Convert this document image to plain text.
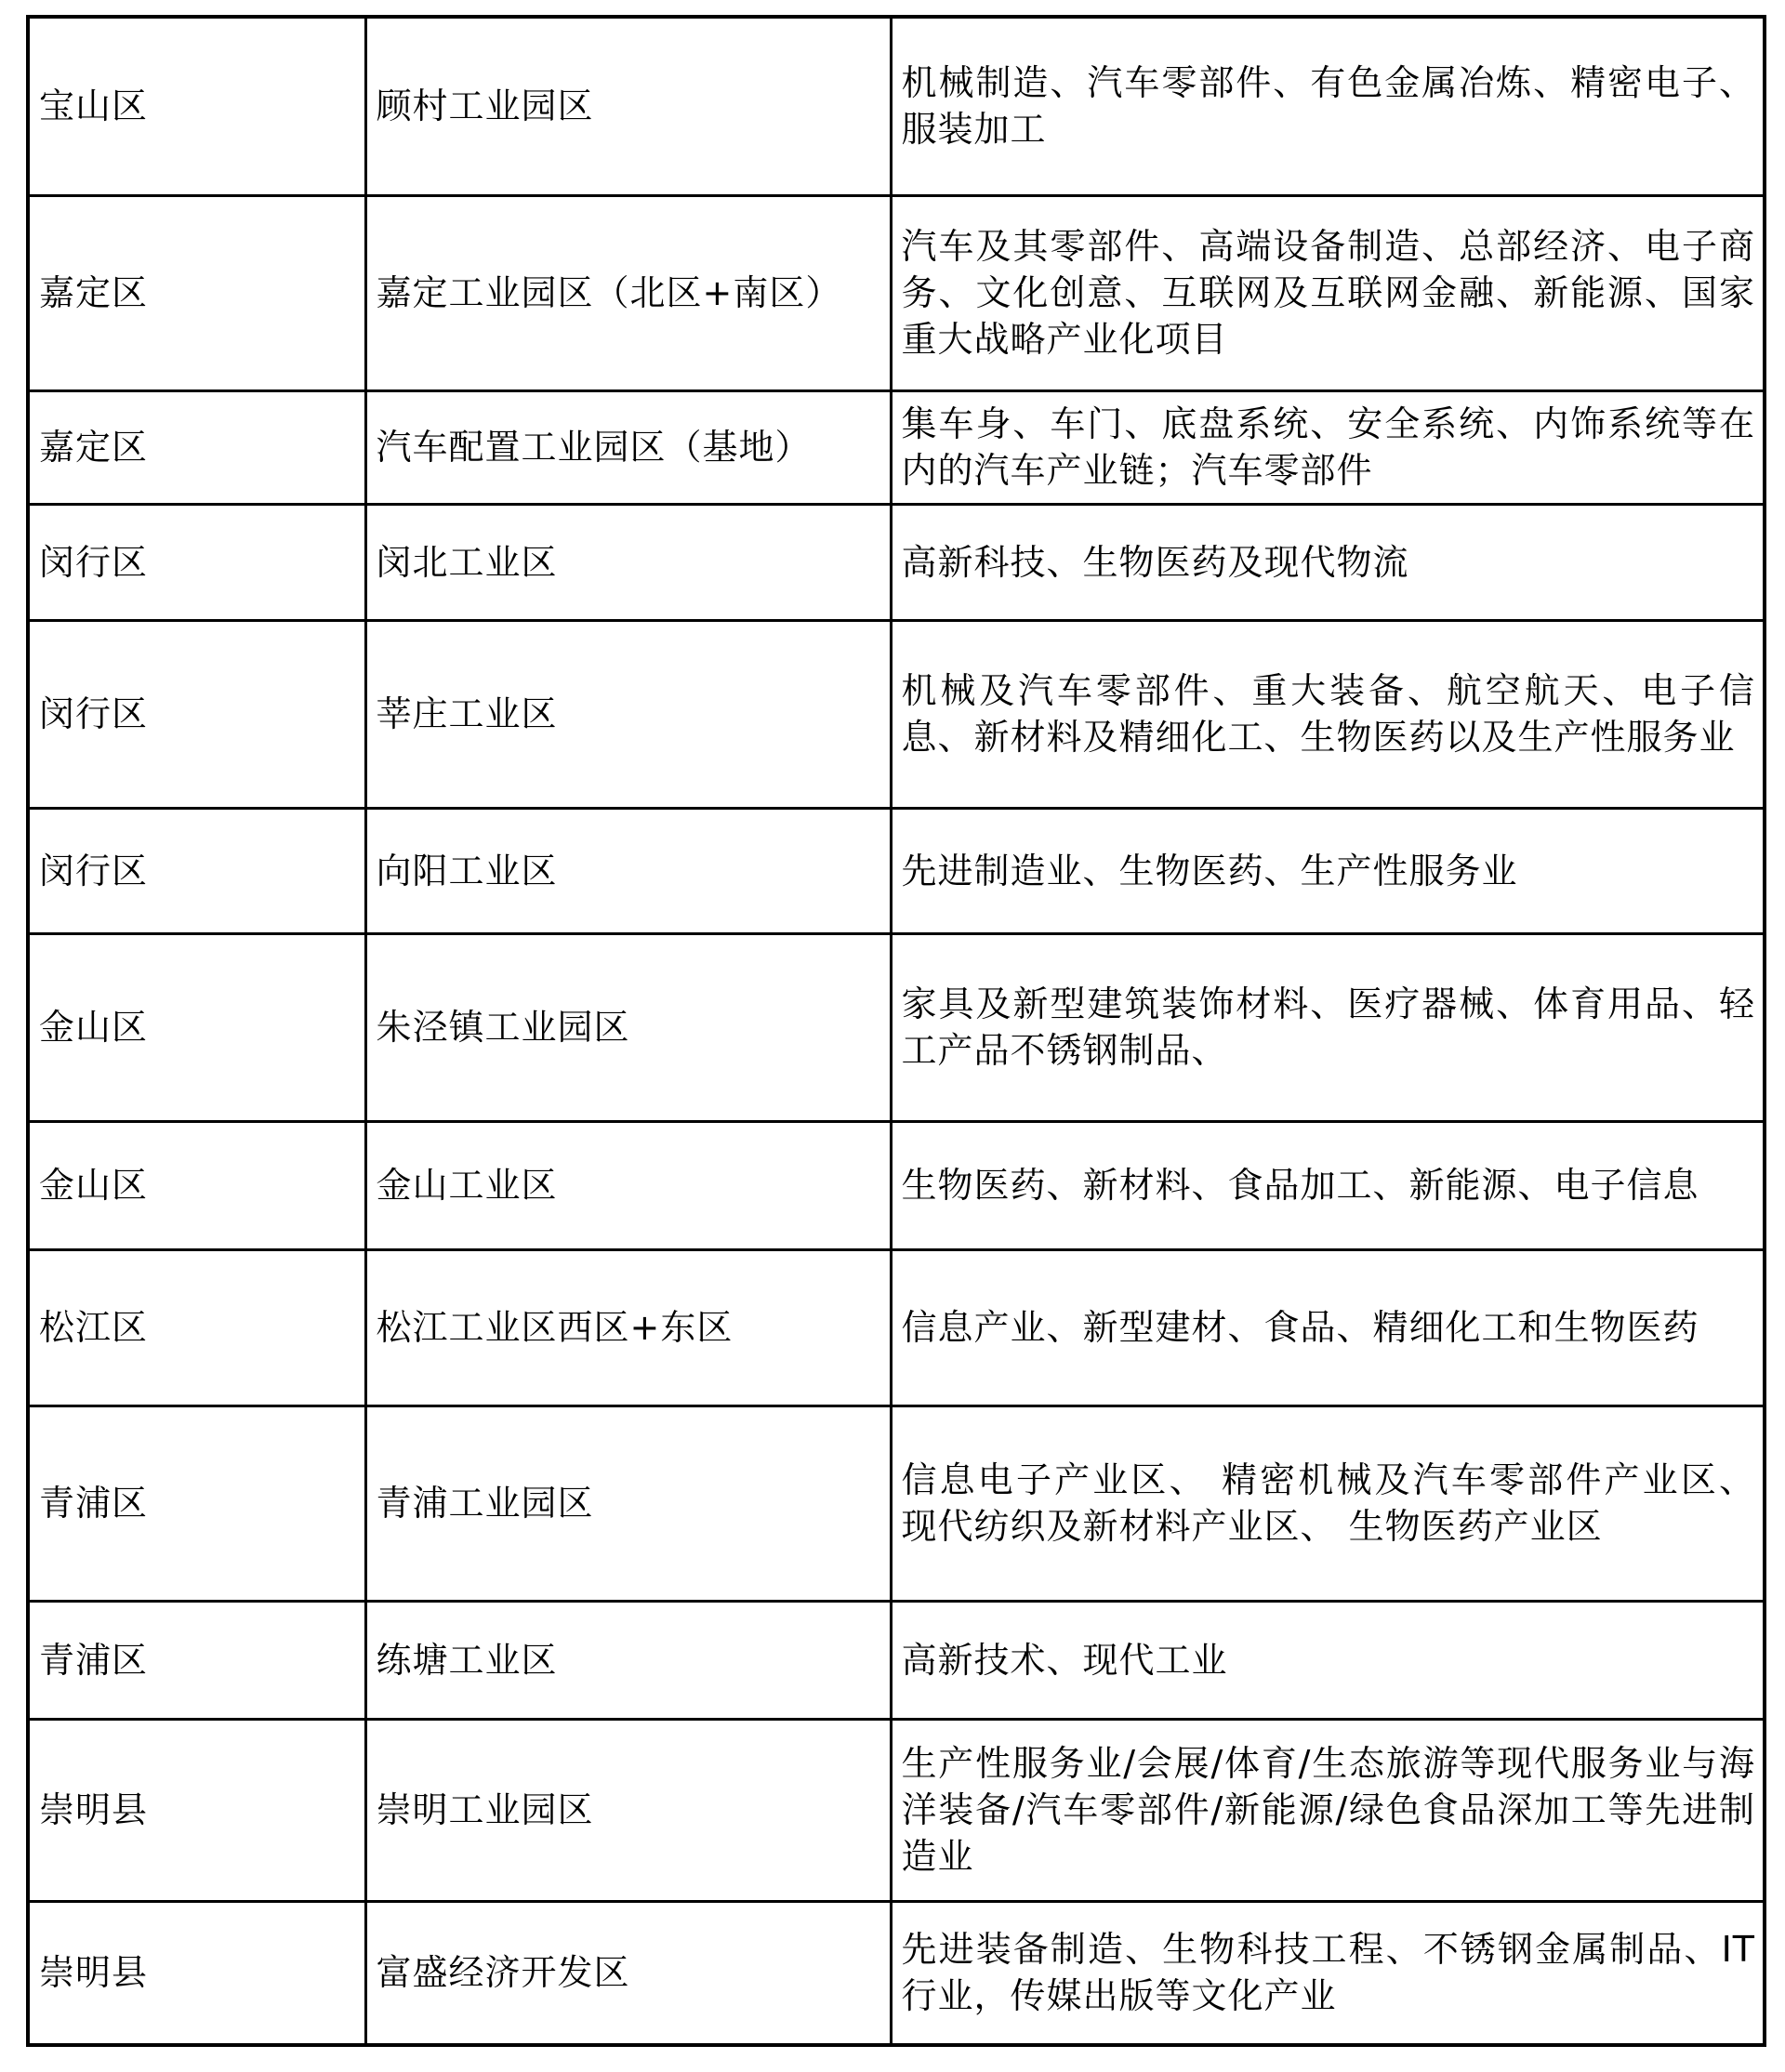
宝山区	顾村工业园区	机械制造、汽车零部件、有色金属冶炼、精密电子、服装加工
嘉定区	嘉定工业园区（北区+南区）	汽车及其零部件、高端设备制造、总部经济、电子商务、文化创意、互联网及互联网金融、新能源、国家重大战略产业化项目
嘉定区	汽车配置工业园区（基地）	集车身、车门、底盘系统、安全系统、内饰系统等在内的汽车产业链；汽车零部件
闵行区	闵北工业区	高新科技、生物医药及现代物流
闵行区	莘庄工业区	机械及汽车零部件、重大装备、航空航天、电子信息、新材料及精细化工、生物医药以及生产性服务业
闵行区	向阳工业区	先进制造业、生物医药、生产性服务业
金山区	朱泾镇工业园区	家具及新型建筑装饰材料、医疗器械、体育用品、轻工产品不锈钢制品、
金山区	金山工业区	生物医药、新材料、食品加工、新能源、电子信息
松江区	松江工业区西区+东区	信息产业、新型建材、食品、精细化工和生物医药
青浦区	青浦工业园区	信息电子产业区、 精密机械及汽车零部件产业区、 现代纺织及新材料产业区、 生物医药产业区
青浦区	练塘工业区	高新技术、现代工业
崇明县	崇明工业园区	生产性服务业/会展/体育/生态旅游等现代服务业与海洋装备/汽车零部件/新能源/绿色食品深加工等先进制造业
崇明县	富盛经济开发区	先进装备制造、生物科技工程、不锈钢金属制品、IT行业，传媒出版等文化产业
